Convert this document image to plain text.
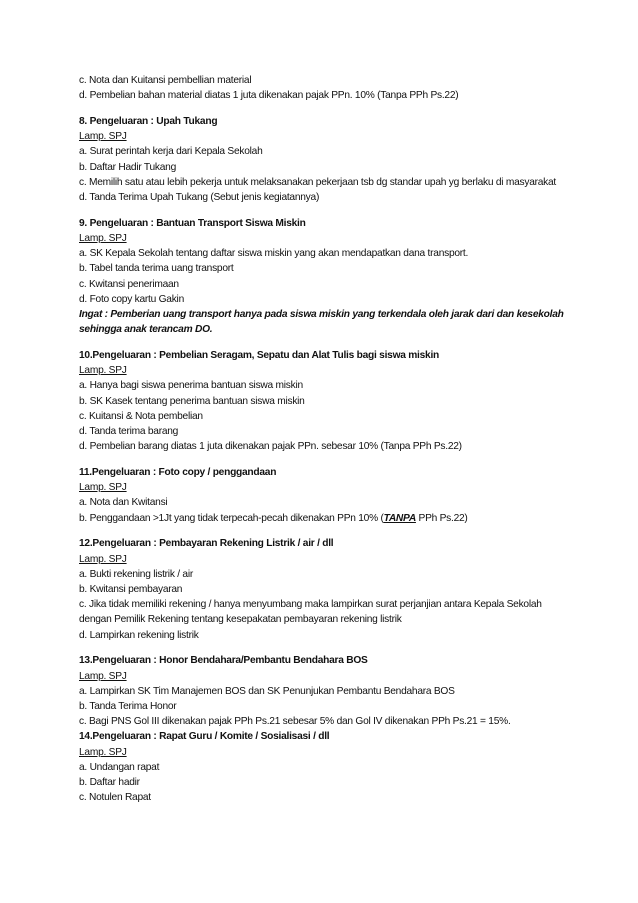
c. Nota dan Kuitansi pembellian material
d. Pembelian bahan material diatas 1 juta dikenakan pajak PPn. 10% (Tanpa PPh Ps.22)
8. Pengeluaran : Upah Tukang
Lamp. SPJ
a. Surat perintah kerja dari Kepala Sekolah
b. Daftar Hadir Tukang
c. Memilih satu atau lebih pekerja untuk melaksanakan pekerjaan tsb dg standar upah yg berlaku di masyarakat
d. Tanda Terima Upah Tukang (Sebut jenis kegiatannya)
9. Pengeluaran : Bantuan Transport Siswa Miskin
Lamp. SPJ
a. SK Kepala Sekolah tentang daftar siswa miskin yang akan mendapatkan dana transport.
b. Tabel tanda terima uang transport
c. Kwitansi penerimaan
d. Foto copy kartu Gakin
Ingat : Pemberian uang transport hanya pada siswa miskin yang terkendala oleh jarak dari dan kesekolah sehingga anak terancam DO.
10.Pengeluaran : Pembelian Seragam, Sepatu dan Alat Tulis bagi siswa miskin
Lamp. SPJ
a. Hanya bagi siswa penerima bantuan siswa miskin
b. SK Kasek tentang penerima bantuan siswa miskin
c. Kuitansi & Nota pembelian
d. Tanda terima barang
d. Pembelian barang diatas 1 juta dikenakan pajak PPn. sebesar 10% (Tanpa PPh Ps.22)
11.Pengeluaran : Foto copy / penggandaan
Lamp. SPJ
a. Nota dan Kwitansi
b. Penggandaan >1Jt yang tidak terpecah-pecah dikenakan PPn 10% (TANPA PPh Ps.22)
12.Pengeluaran : Pembayaran Rekening Listrik / air / dll
Lamp. SPJ
a. Bukti rekening listrik / air
b. Kwitansi pembayaran
c. Jika tidak memiliki rekening / hanya menyumbang maka lampirkan surat perjanjian antara Kepala Sekolah dengan Pemilik Rekening tentang kesepakatan pembayaran rekening listrik
d. Lampirkan rekening listrik
13.Pengeluaran : Honor Bendahara/Pembantu Bendahara BOS
Lamp. SPJ
a. Lampirkan SK Tim Manajemen BOS dan SK Penunjukan Pembantu Bendahara BOS
b. Tanda Terima Honor
c. Bagi PNS Gol III dikenakan pajak PPh Ps.21 sebesar 5% dan Gol IV dikenakan PPh Ps.21 = 15%.
14.Pengeluaran : Rapat Guru / Komite / Sosialisasi / dll
Lamp. SPJ
a. Undangan rapat
b. Daftar hadir
c. Notulen Rapat
